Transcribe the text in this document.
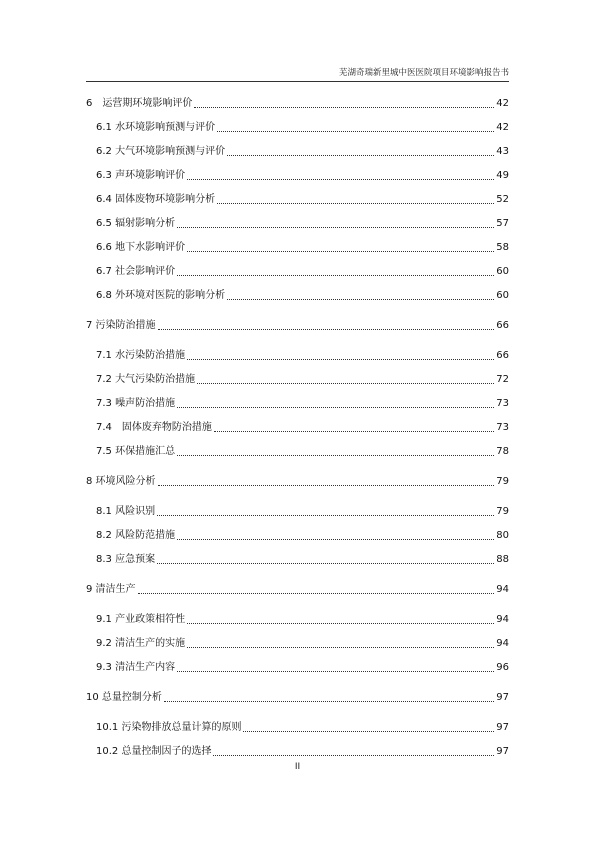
芜湖奇瑞新里城中医医院项目环境影响报告书
6　运营期环境影响评价	42
6.1 水环境影响预测与评价	42
6.2 大气环境影响预测与评价	43
6.3 声环境影响评价	49
6.4 固体废物环境影响分析	52
6.5 辐射影响分析	57
6.6 地下水影响评价	58
6.7 社会影响评价	60
6.8 外环境对医院的影响分析	60
7 污染防治措施	66
7.1 水污染防治措施	66
7.2 大气污染防治措施	72
7.3 噪声防治措施	73
7.4　固体废弃物防治措施	73
7.5 环保措施汇总	78
8 环境风险分析	79
8.1 风险识别	79
8.2 风险防范措施	80
8.3 应急预案	88
9 清洁生产	94
9.1 产业政策相符性	94
9.2 清洁生产的实施	94
9.3 清洁生产内容	96
10 总量控制分析	97
10.1 污染物排放总量计算的原则	97
10.2 总量控制因子的选择	97
II
